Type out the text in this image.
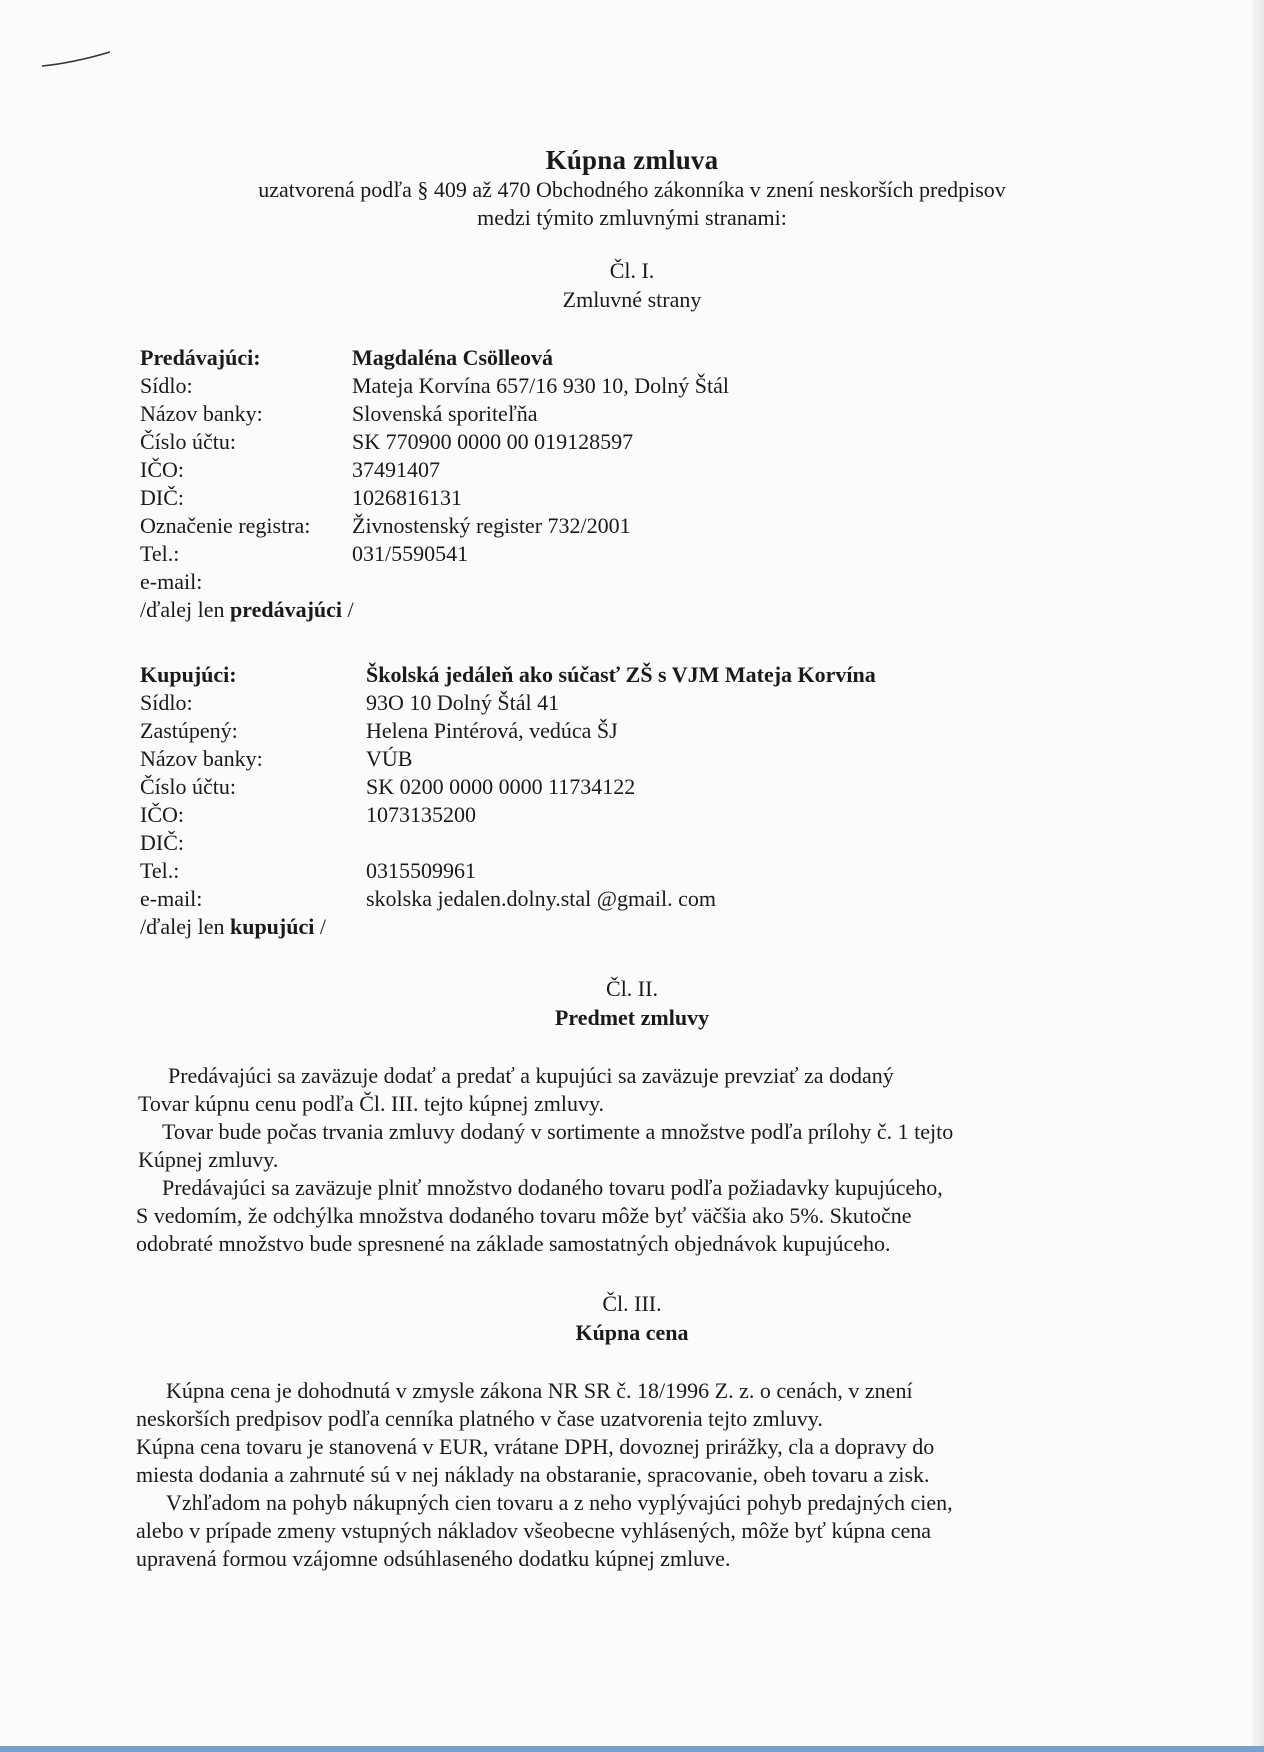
Kúpna zmluva
uzatvorená podľa § 409 až 470 Obchodného zákonníka v znení neskorších predpisov
medzi týmito zmluvnými stranami:
Čl. I.
Zmluvné strany
Predávajúci:	Magdaléna Csölleová
Sídlo:	Mateja Korvína 657/16 930 10, Dolný Štál
Názov banky:	Slovenská sporiteľňa
Číslo účtu:	SK 770900 0000 00 019128597
IČO:	37491407
DIČ:	1026816131
Označenie registra: Živnostenský register 732/2001
Tel.:	031/5590541
e-mail:
/ďalej len predávajúci /
Kupujúci:	Školská jedáleň ako súčasť ZŠ s VJM Mateja Korvína
Sídlo:	93O 10 Dolný Štál 41
Zastúpený:	Helena Pintérová, vedúca ŠJ
Názov banky:	VÚB
Číslo účtu:	SK 0200 0000 0000 11734122
IČO:	1073135200
DIČ:
Tel.:	0315509961
e-mail:	skolska jedalen.dolny.stal @gmail. com
/ďalej len kupujúci /
Čl. II.
Predmet zmluvy
Predávajúci sa zaväzuje dodať a predať a kupujúci sa zaväzuje prevziať za dodaný
Tovar kúpnu cenu podľa Čl. III. tejto kúpnej zmluvy.
Tovar bude počas trvania zmluvy dodaný v sortimente a množstve podľa prílohy č. 1 tejto
Kúpnej zmluvy.
Predávajúci sa zaväzuje plniť množstvo dodaného tovaru podľa požiadavky kupujúceho,
S vedomím, že odchýlka množstva dodaného tovaru môže byť väčšia ako 5%. Skutočne
odobraté množstvo bude spresnené na základe samostatných objednávok kupujúceho.
Čl. III.
Kúpna cena
Kúpna cena je dohodnutá v zmysle zákona NR SR č. 18/1996 Z. z. o cenách, v znení
neskorších predpisov podľa cenníka platného v čase uzatvorenia tejto zmluvy.
Kúpna cena tovaru je stanovená v EUR, vrátane DPH, dovoznej prirážky, cla a dopravy do
miesta dodania a zahrnuté sú v nej náklady na obstaranie, spracovanie, obeh tovaru a zisk.
Vzhľadom na pohyb nákupných cien tovaru a z neho vyplývajúci pohyb predajných cien,
alebo v prípade zmeny vstupných nákladov všeobecne vyhlásených, môže byť kúpna cena
upravená formou vzájomne odsúhlaseného dodatku kúpnej zmluve.
